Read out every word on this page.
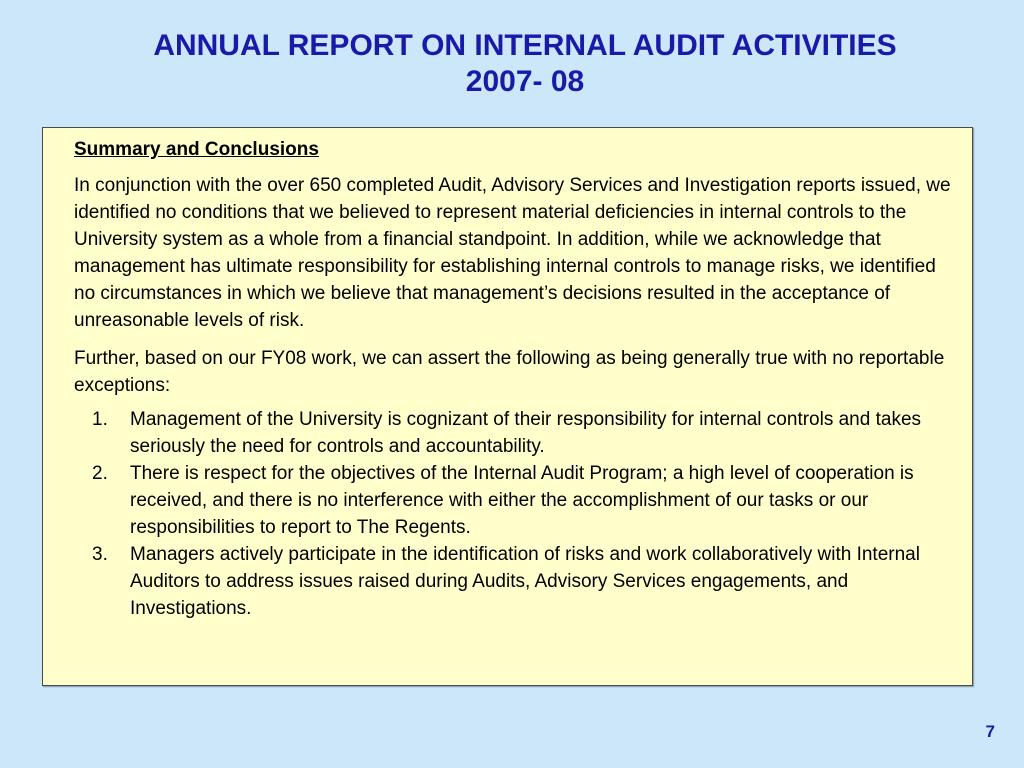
ANNUAL REPORT ON INTERNAL AUDIT ACTIVITIES
2007- 08

Summary and Conclusions

In conjunction with the over 650 completed Audit, Advisory Services and Investigation reports issued, we identified no conditions that we believed to represent material deficiencies in internal controls to the University system as a whole from a financial standpoint. In addition, while we acknowledge that management has ultimate responsibility for establishing internal controls to manage risks, we identified no circumstances in which we believe that management’s decisions resulted in the acceptance of unreasonable levels of risk.

Further, based on our FY08 work, we can assert the following as being generally true with no reportable exceptions:

1. Management of the University is cognizant of their responsibility for internal controls and takes seriously the need for controls and accountability.
2. There is respect for the objectives of the Internal Audit Program; a high level of cooperation is received, and there is no interference with either the accomplishment of our tasks or our responsibilities to report to The Regents.
3. Managers actively participate in the identification of risks and work collaboratively with Internal Auditors to address issues raised during Audits, Advisory Services engagements, and Investigations.
7
